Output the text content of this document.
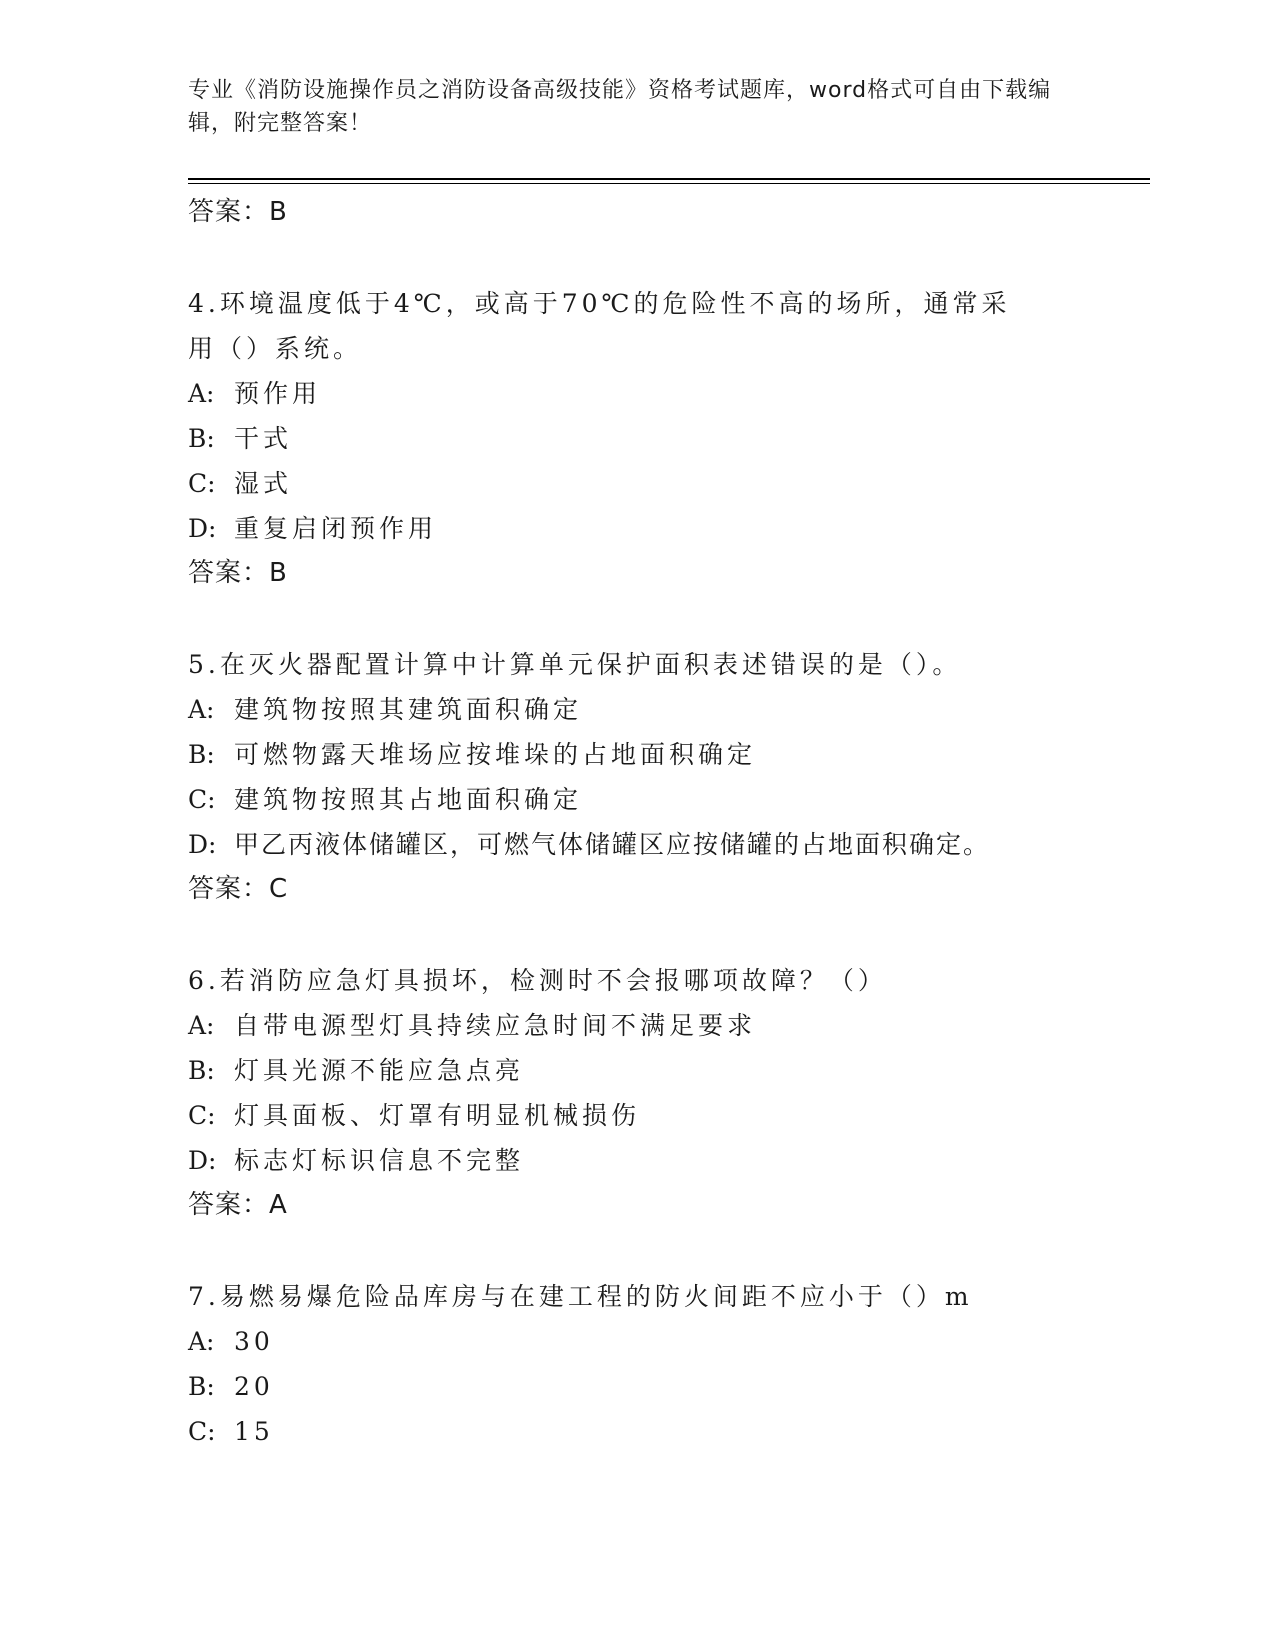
专业《消防设施操作员之消防设备高级技能》资格考试题库，word格式可自由下载编辑，附完整答案！
答案：B
4.环境温度低于4℃，或高于70℃的危险性不高的场所，通常采用（）系统。
A: 预作用
B: 干式
C: 湿式
D: 重复启闭预作用
答案：B
5.在灭火器配置计算中计算单元保护面积表述错误的是（）。
A: 建筑物按照其建筑面积确定
B: 可燃物露天堆场应按堆垛的占地面积确定
C: 建筑物按照其占地面积确定
D: 甲乙丙液体储罐区，可燃气体储罐区应按储罐的占地面积确定。
答案：C
6.若消防应急灯具损坏，检测时不会报哪项故障？（）
A: 自带电源型灯具持续应急时间不满足要求
B: 灯具光源不能应急点亮
C: 灯具面板、灯罩有明显机械损伤
D: 标志灯标识信息不完整
答案：A
7.易燃易爆危险品库房与在建工程的防火间距不应小于（）m
A: 30
B: 20
C: 15
